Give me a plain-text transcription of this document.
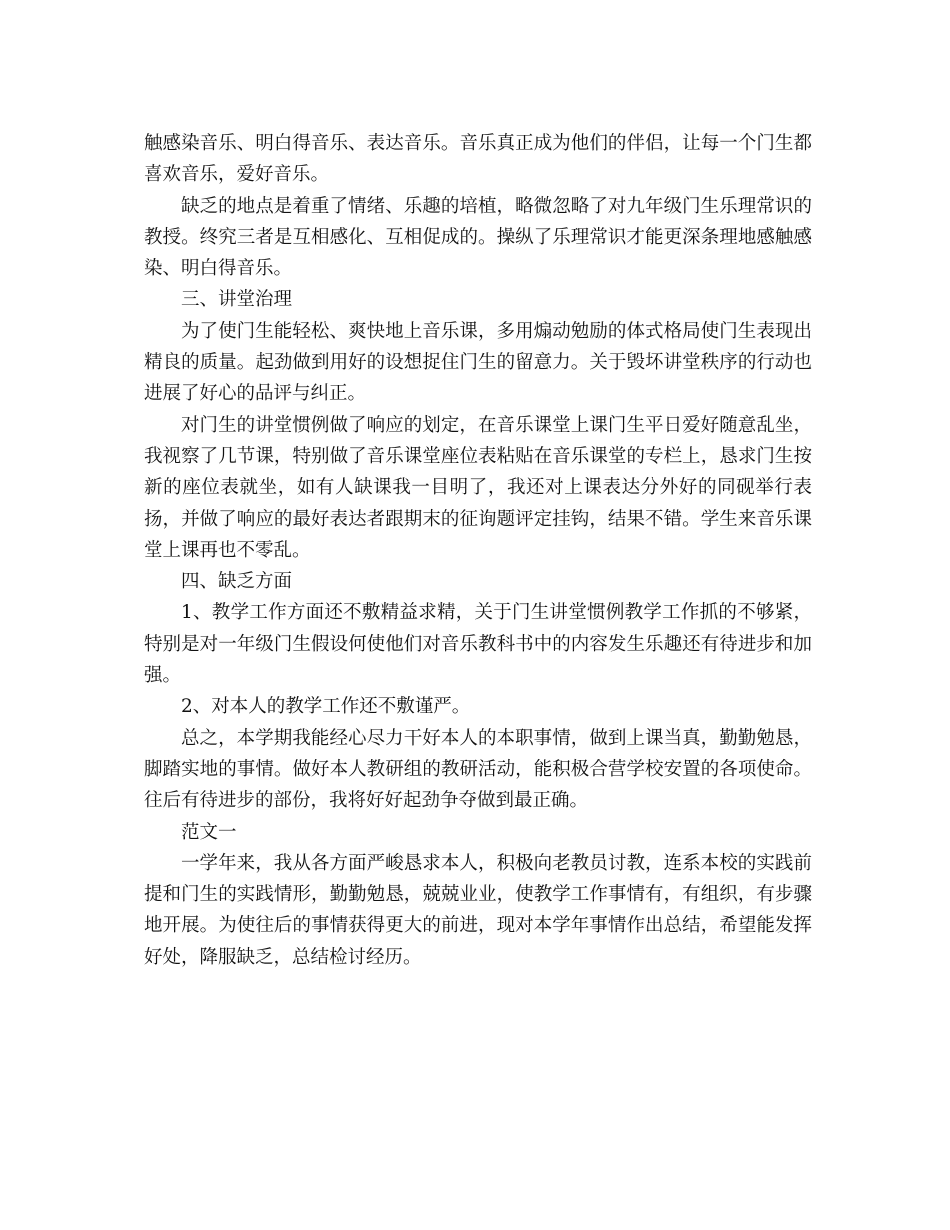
触感染音乐、明白得音乐、表达音乐。音乐真正成为他们的伴侣，让每一个门生都喜欢音乐，爱好音乐。

缺乏的地点是着重了情绪、乐趣的培植，略微忽略了对九年级门生乐理常识的教授。终究三者是互相感化、互相促成的。操纵了乐理常识才能更深条理地感触感染、明白得音乐。

三、讲堂治理

为了使门生能轻松、爽快地上音乐课，多用煽动勉励的体式格局使门生表现出精良的质量。起劲做到用好的设想捉住门生的留意力。关于毁坏讲堂秩序的行动也进展了好心的品评与纠正。

对门生的讲堂惯例做了响应的划定，在音乐课堂上课门生平日爱好随意乱坐，我视察了几节课，特别做了音乐课堂座位表粘贴在音乐课堂的专栏上，恳求门生按新的座位表就坐，如有人缺课我一目明了，我还对上课表达分外好的同砚举行表扬，并做了响应的最好表达者跟期末的征询题评定挂钩，结果不错。学生来音乐课堂上课再也不零乱。

四、缺乏方面

1、教学工作方面还不敷精益求精，关于门生讲堂惯例教学工作抓的不够紧，特别是对一年级门生假设何使他们对音乐教科书中的内容发生乐趣还有待进步和加强。

2、对本人的教学工作还不敷谨严。

总之，本学期我能经心尽力干好本人的本职事情，做到上课当真，勤勤勉恳，脚踏实地的事情。做好本人教研组的教研活动，能积极合营学校安置的各项使命。往后有待进步的部份，我将好好起劲争夺做到最正确。

范文一

一学年来，我从各方面严峻恳求本人，积极向老教员讨教，连系本校的实践前提和门生的实践情形，勤勤勉恳，兢兢业业，使教学工作事情有，有组织，有步骤地开展。为使往后的事情获得更大的前进，现对本学年事情作出总结，希望能发挥好处，降服缺乏，总结检讨经历。
